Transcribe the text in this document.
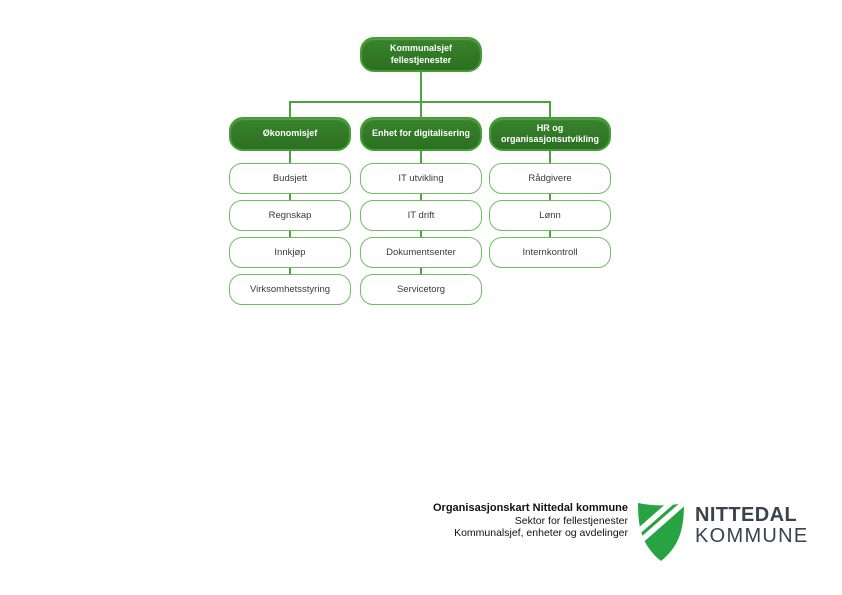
Kommunalsjef fellestjenester
Økonomisjef	Enhet for digitalisering
HR og organisasjonsutvikling
Budsjett
Regnskap
Innkjøp
Virksomhetsstyring
IT utvikling
IT drift
Dokumentsenter
Servicetorg
Rådgivere
Lønn
Internkontroll
Organisasjonskart Nittedal kommune
Sektor for fellestjenester
Kommunalsjef, enheter og avdelinger
NITTEDAL
KOMMUNE
